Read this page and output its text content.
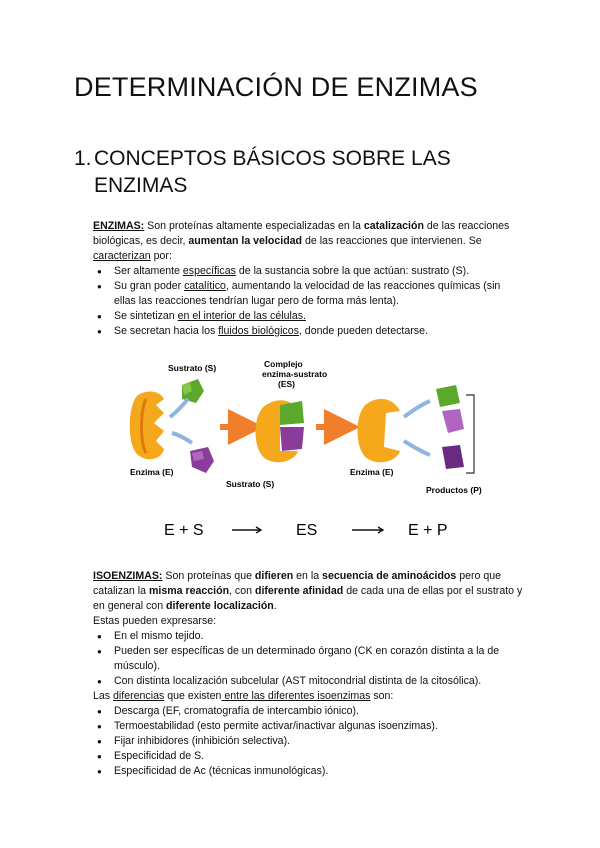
DETERMINACIÓN DE ENZIMAS
1. CONCEPTOS BÁSICOS SOBRE LAS
ENZIMAS

ENZIMAS: Son proteínas altamente especializadas en la catalización de las reacciones biológicas, es decir, aumentan la velocidad de las reacciones que intervienen. Se caracterizan por:

● Ser altamente específicas de la sustancia sobre la que actúan: sustrato (S).
● Su gran poder catalítico, aumentando la velocidad de las reacciones químicas (sin ellas las reacciones tendrían lugar pero de forma más lenta).
● Se sintetizan en el interior de las células.
● Se secretan hacia los fluidos biológicos, donde pueden detectarse.
Sustrato (S)	Complejo
enzima-sustrato
(ES)
Enzima (E)
Sustrato (S)
Enzima (E)
Productos (P)
E + S	ES	E + P

ISOENZIMAS: Son proteínas que difieren en la secuencia de aminoácidos pero que catalizan la misma reacción, con diferente afinidad de cada una de ellas por el sustrato y en general con diferente localización.

Estas pueden expresarse:

● En el mismo tejido.
● Pueden ser específicas de un determinado órgano (CK en corazón distinta a la de músculo).
● Con distinta localización subcelular (AST mitocondrial distinta de la citosólica).

Las diferencias que existen entre las diferentes isoenzimas son:

● Descarga (EF, cromatografía de intercambio iónico).
● Termoestabilidad (esto permite activar/inactivar algunas isoenzimas).
● Fijar inhibidores (inhibición selectiva).
● Especificidad de S.
● Especificidad de Ac (técnicas inmunológicas).
